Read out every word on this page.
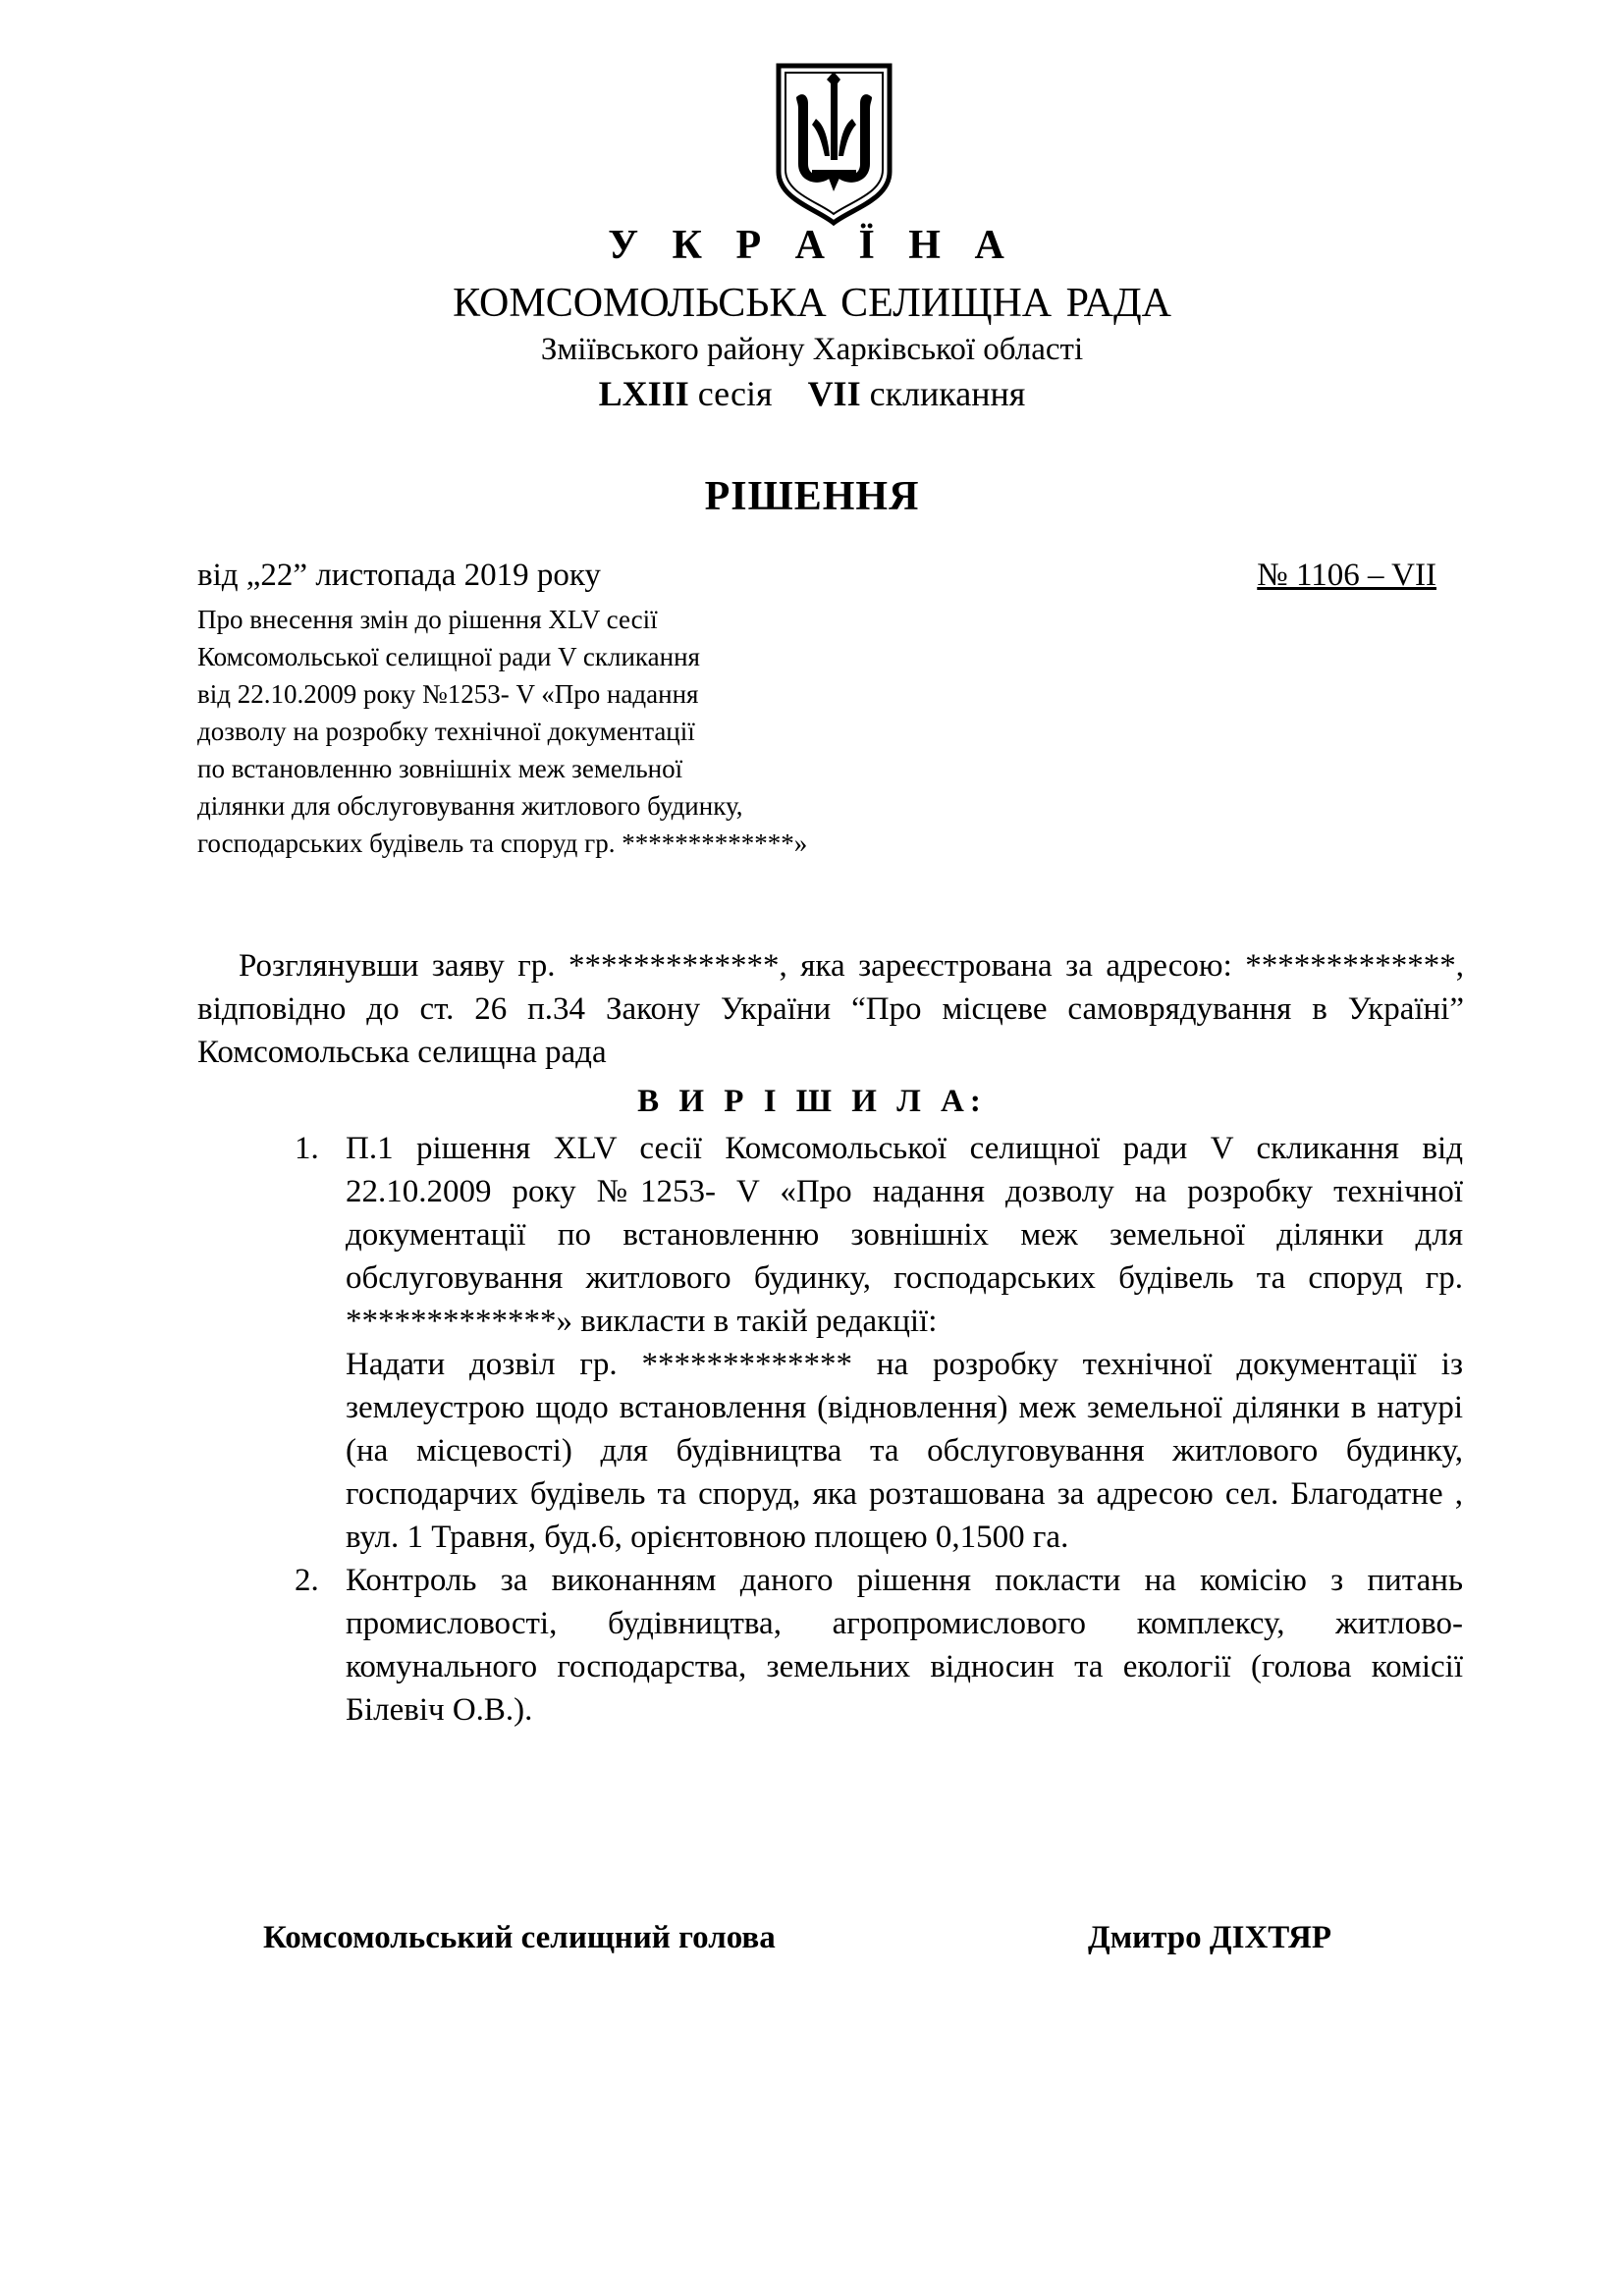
У К Р А Ї Н А
КОМСОМОЛЬСЬКА СЕЛИЩНА РАДА
Зміївського району Харківської області
LXIII сесія VII скликання
РІШЕННЯ
від „22” листопада 2019 року	№ 1106 – VII
Про внесення змін до рішення XLV сесії
Комсомольської селищної ради V скликання
від 22.10.2009 року №1253- V «Про надання
дозволу на розробку технічної документації
по встановленню зовнішніх меж земельної
ділянки для обслуговування житлового будинку,
господарських будівель та споруд гр. *************»
Розглянувши заяву гр. *************, яка зареєстрована за адресою: *************, відповідно до ст. 26 п.34 Закону України “Про місцеве самоврядування в Україні” Комсомольська селищна рада
В И Р І Ш И Л А:
1. П.1 рішення XLV сесії Комсомольської селищної ради V скликання від 22.10.2009 року №1253- V «Про надання дозволу на розробку технічної документації по встановленню зовнішніх меж земельної ділянки для обслуговування житлового будинку, господарських будівель та споруд гр. *************» викласти в такій редакції:

Надати дозвіл гр. ************* на розробку технічної документації із землеустрою щодо встановлення (відновлення) меж земельної ділянки в натурі (на місцевості) для будівництва та обслуговування житлового будинку, господарчих будівель та споруд, яка розташована за адресою сел. Благодатне , вул. 1 Травня, буд.6, орієнтовною площею 0,1500 га.

2. Контроль за виконанням даного рішення покласти на комісію з питань промисловості, будівництва, агропромислового комплексу, житлово-комунального господарства, земельних відносин та екології (голова комісії Білевіч О.В.).

Комсомольський селищний голова	Дмитро ДІХТЯР
